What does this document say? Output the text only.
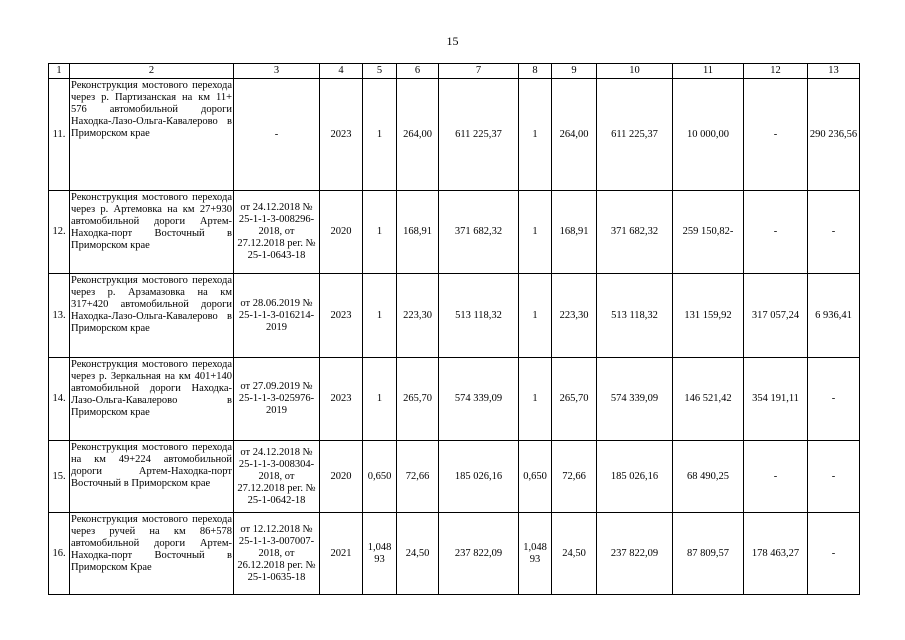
15
1	2	3	4	5	6	7	8	9	10	11	12	13
11.	Реконструкция мостового перехода через р. Партизанская на км 11+ 576 автомобильной дороги Находка-Лазо-Ольга-Кавалерово в Приморском крае	-	2023	1	264,00	611 225,37	1	264,00	611 225,37	10 000,00	-	290 236,56
12.	Реконструкция мостового перехода через р. Артемовка на км 27+930 автомобильной дороги Артем-Находка-порт Восточный в Приморском крае	от 24.12.2018 № 25-1-1-3-008296-2018, от 27.12.2018 рег. № 25-1-0643-18	2020	1	168,91	371 682,32	1	168,91	371 682,32	259 150,82-	-	-
13.	Реконструкция мостового перехода через р. Арзамазовка на км 317+420 автомобильной дороги Находка-Лазо-Ольга-Кавалерово в Приморском крае	от 28.06.2019 № 25-1-1-3-016214-2019	2023	1	223,30	513 118,32	1	223,30	513 118,32	131 159,92	317 057,24	6 936,41
14.	Реконструкция мостового перехода через р. Зеркальная на км 401+140 автомобильной дороги Находка-Лазо-Ольга-Кавалерово в Приморском крае	от 27.09.2019 № 25-1-1-3-025976-2019	2023	1	265,70	574 339,09	1	265,70	574 339,09	146 521,42	354 191,11	-
15.	Реконструкция мостового перехода на км 49+224 автомобильной дороги Артем-Находка-порт Восточный в Приморском крае	от 24.12.2018 № 25-1-1-3-008304-2018, от 27.12.2018 рег. № 25-1-0642-18	2020	0,650	72,66	185 026,16	0,650	72,66	185 026,16	68 490,25	-	-
16.	Реконструкция мостового перехода через ручей на км 86+578 автомобильной дороги Артем-Находка-порт Восточный в Приморском Крае	от 12.12.2018 № 25-1-1-3-007007-2018, от 26.12.2018 рег. № 25-1-0635-18	2021	1,048 93	24,50	237 822,09	1,048 93	24,50	237 822,09	87 809,57	178 463,27	-
